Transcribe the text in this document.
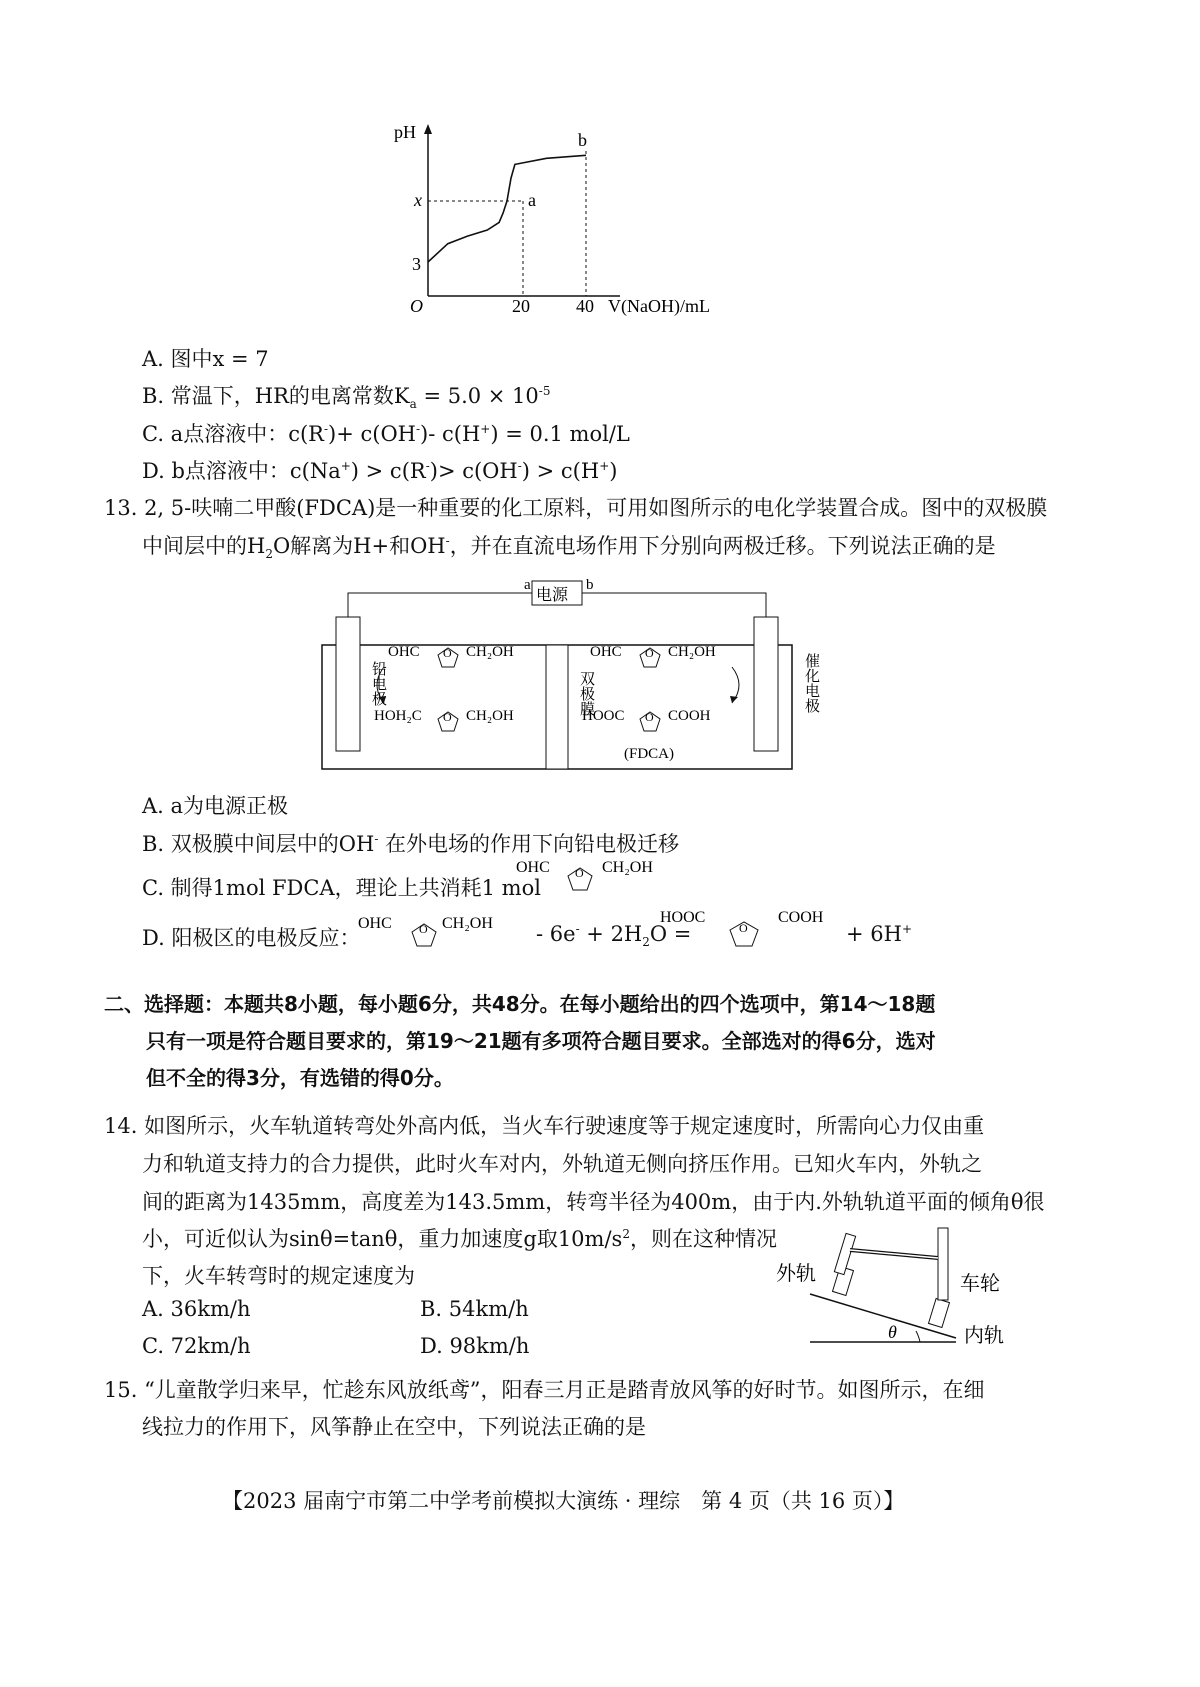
pH
V(NaOH)/mL
O	20	40
3
x	a
b
A. 图中x = 7
B. 常温下，HR的电离常数$K_a = 5.0 \times 10^{-5}$
C. a点溶液中：c(R-)+ c(OH-)- c(H+) = 0.1 mol/L
D. b点溶液中：c(Na+) > c(R-)> c(OH-) > c(H+)
13. 2, 5-呋喃二甲酸(FDCA)是一种重要的化工原料，可用如图所示的电化学装置合成。图中的双极膜
中间层中的$H_2O$解离为H+和OH-，并在直流电场作用下分别向两极迁移。下列说法正确的是
电源
a	b
铅电极	催化电极
双极膜
OHC O CH₂OH
HOH₂C O CH₂OH
OHC O CH₂OH
HOOC O COOH
(FDCA)
A. a为电源正极
B. 双极膜中间层中的OH- 在外电场的作用下向铅电极迁移
C. 制得1mol FDCA，理论上共消耗1 mol
OHC O CH₂OH
D. 阳极区的电极反应：
OHC O $CH_2OH - 6e^- + 2H_2O$ =
HOOC
O
COOH
+ 6H+
二、选择题：本题共8小题，每小题6分，共48分。在每小题给出的四个选项中，第14～18题
只有一项是符合题目要求的，第19～21题有多项符合题目要求。全部选对的得6分，选对
但不全的得3分，有选错的得0分。
14. 如图所示，火车轨道转弯处外高内低，当火车行驶速度等于规定速度时，所需向心力仅由重
力和轨道支持力的合力提供，此时火车对内，外轨道无侧向挤压作用。已知火车内，外轨之
间的距离为1435mm，高度差为143.5mm，转弯半径为400m，由于内.外轨轨道平面的倾角θ很
小，可近似认为sinθ=tanθ，重力加速度g取$10m/s^2$，则在这种情况
下，火车转弯时的规定速度为
A. 36km/h	B. 54km/h
C. 72km/h	D. 98km/h
θ
外轨	车轮
内轨
15. “儿童散学归来早，忙趁东风放纸鸢”，阳春三月正是踏青放风筝的好时节。如图所示，在细
线拉力的作用下，风筝静止在空中，下列说法正确的是
【2023 届南宁市第二中学考前模拟大演练 · 理综　第 4 页（共 16 页）】
